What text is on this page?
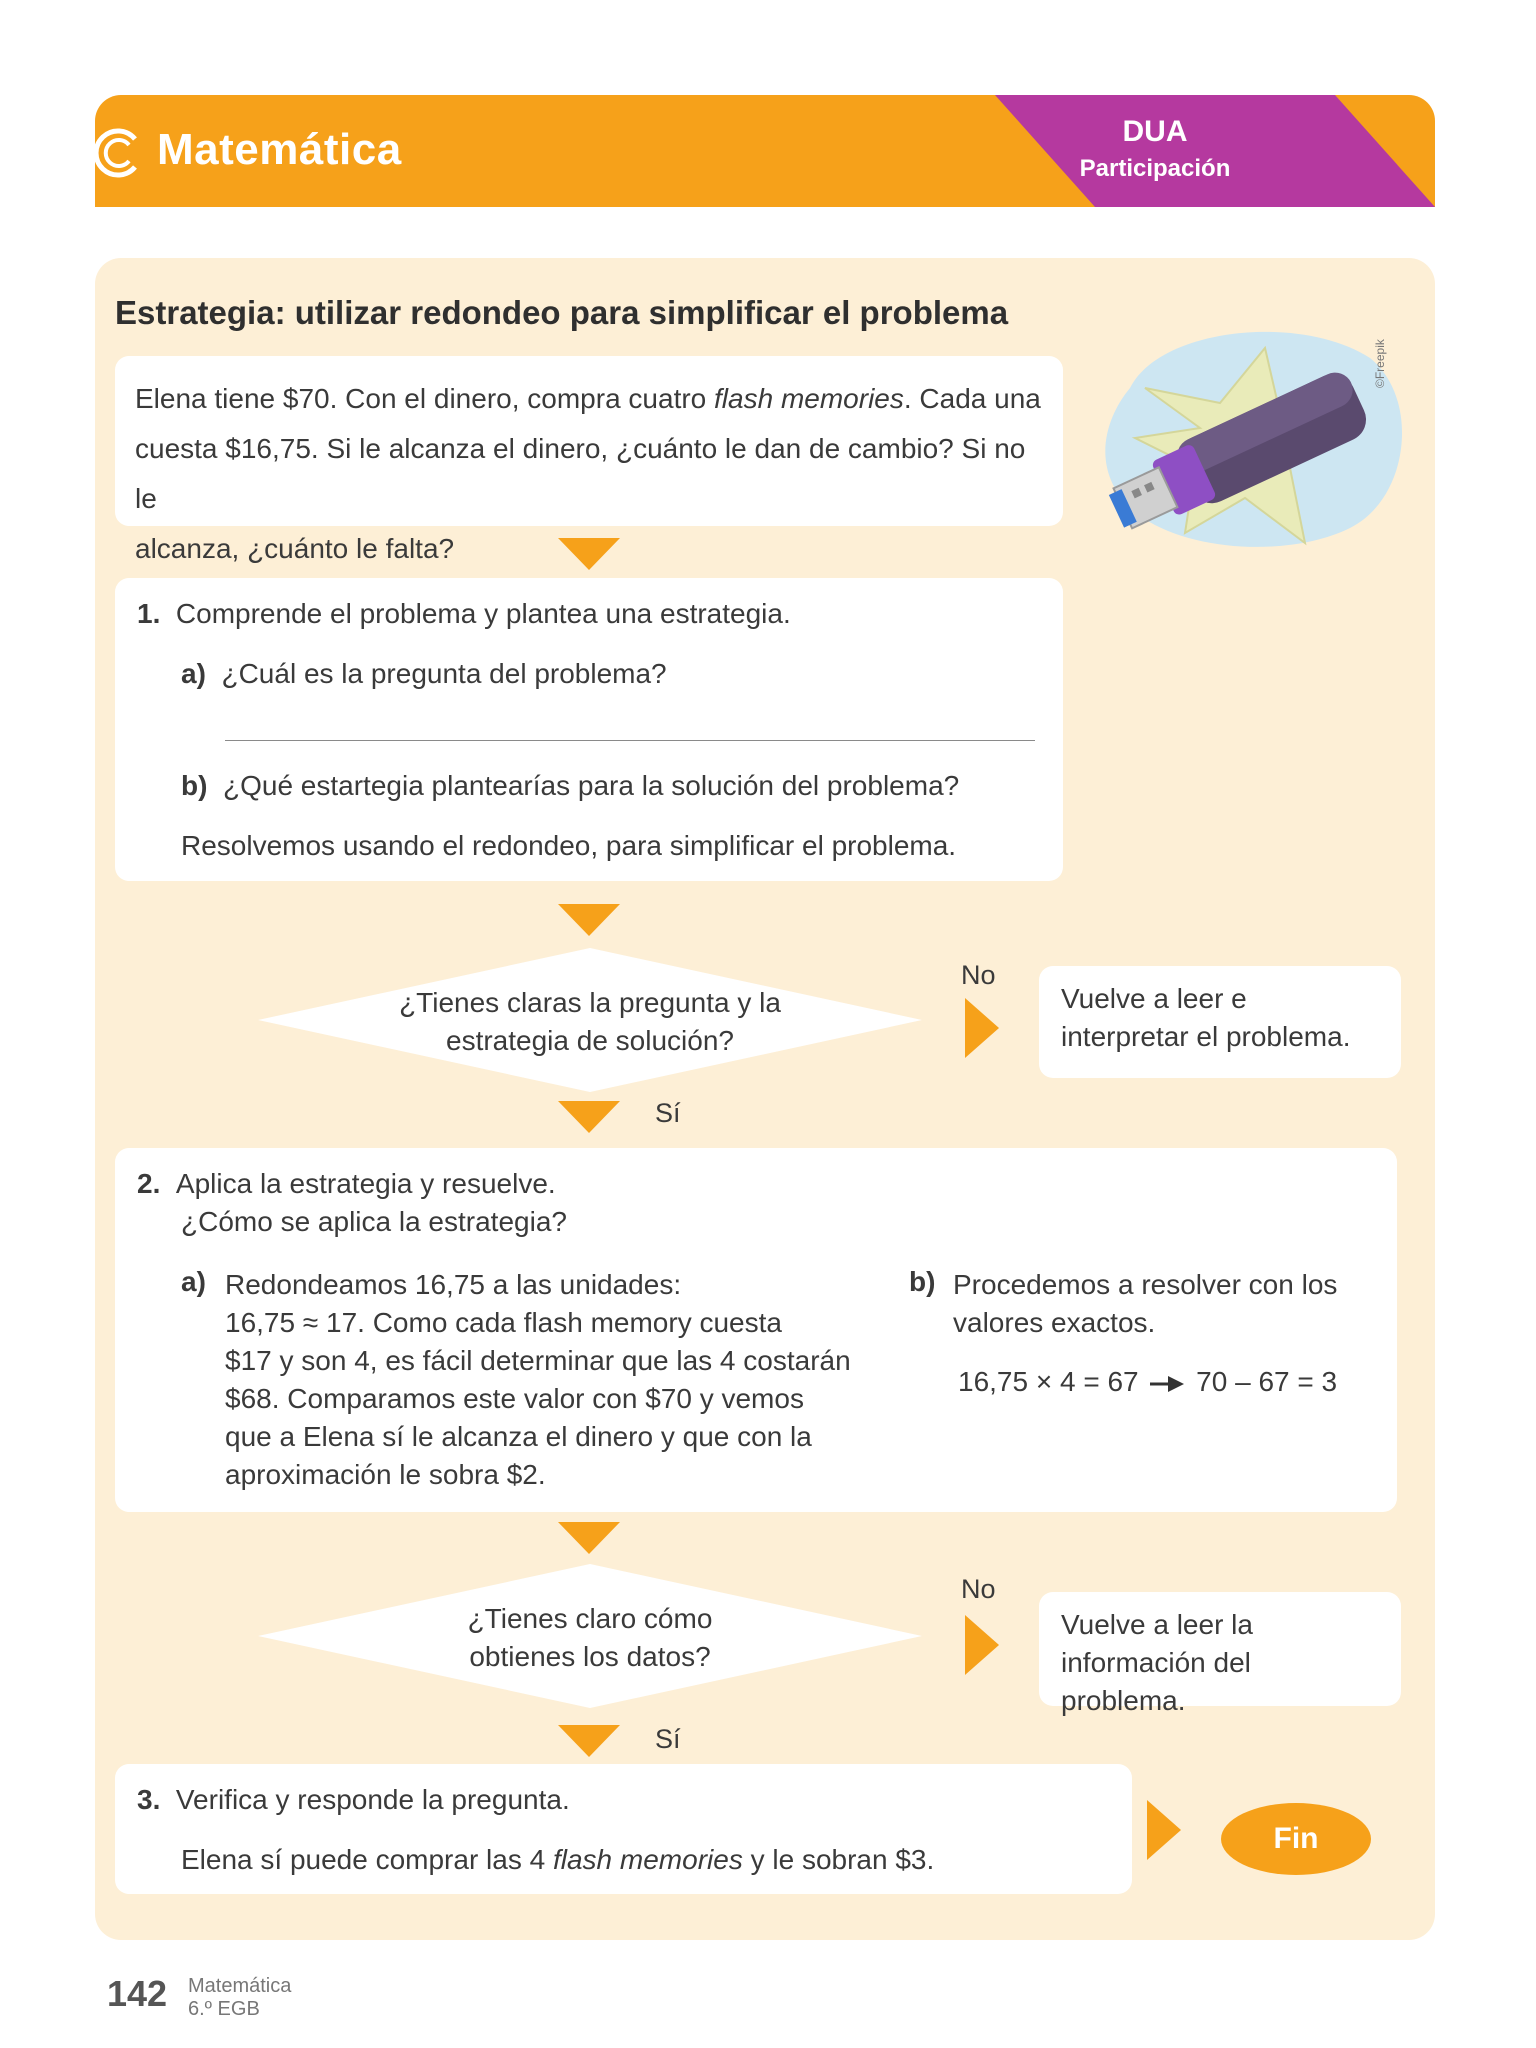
Matemática	DUA
Participación
Estrategia: utilizar redondeo para simplificar el problema

Elena tiene $70. Con el dinero, compra cuatro flash memories. Cada una

cuesta $16,75. Si le alcanza el dinero, ¿cuánto le dan de cambio? Si no le

alcanza, ¿cuánto le falta?

©Freepik
1. Comprende el problema y plantea una estrategia.
a) ¿Cuál es la pregunta del problema?
b) ¿Qué estartegia plantearías para la solución del problema?
Resolvemos usando el redondeo, para simplificar el problema.
¿Tienes claras la pregunta y la
estrategia de solución?
No

Vuelve a leer e

interpretar el problema.

Sí
2. Aplica la estrategia y resuelve.
¿Cómo se aplica la estrategia?
a) Redondeamos 16,75 a las unidades:
16,75 ≈ 17. Como cada flash memory cuesta
$17 y son 4, es fácil determinar que las 4 costarán
$68. Comparamos este valor con $70 y vemos
que a Elena sí le alcanza el dinero y que con la
aproximación le sobra $2.
b) Procedemos a resolver con los
valores exactos.
16,75 × 4 = 67 70 – 67 = 3
¿Tienes claro cómo
obtienes los datos?
No

Vuelve a leer la

información del problema.

Sí
3. Verifica y responde la pregunta.
Elena sí puede comprar las 4 flash memories y le sobran $3.
Fin
142 Matemática
6.º EGB
